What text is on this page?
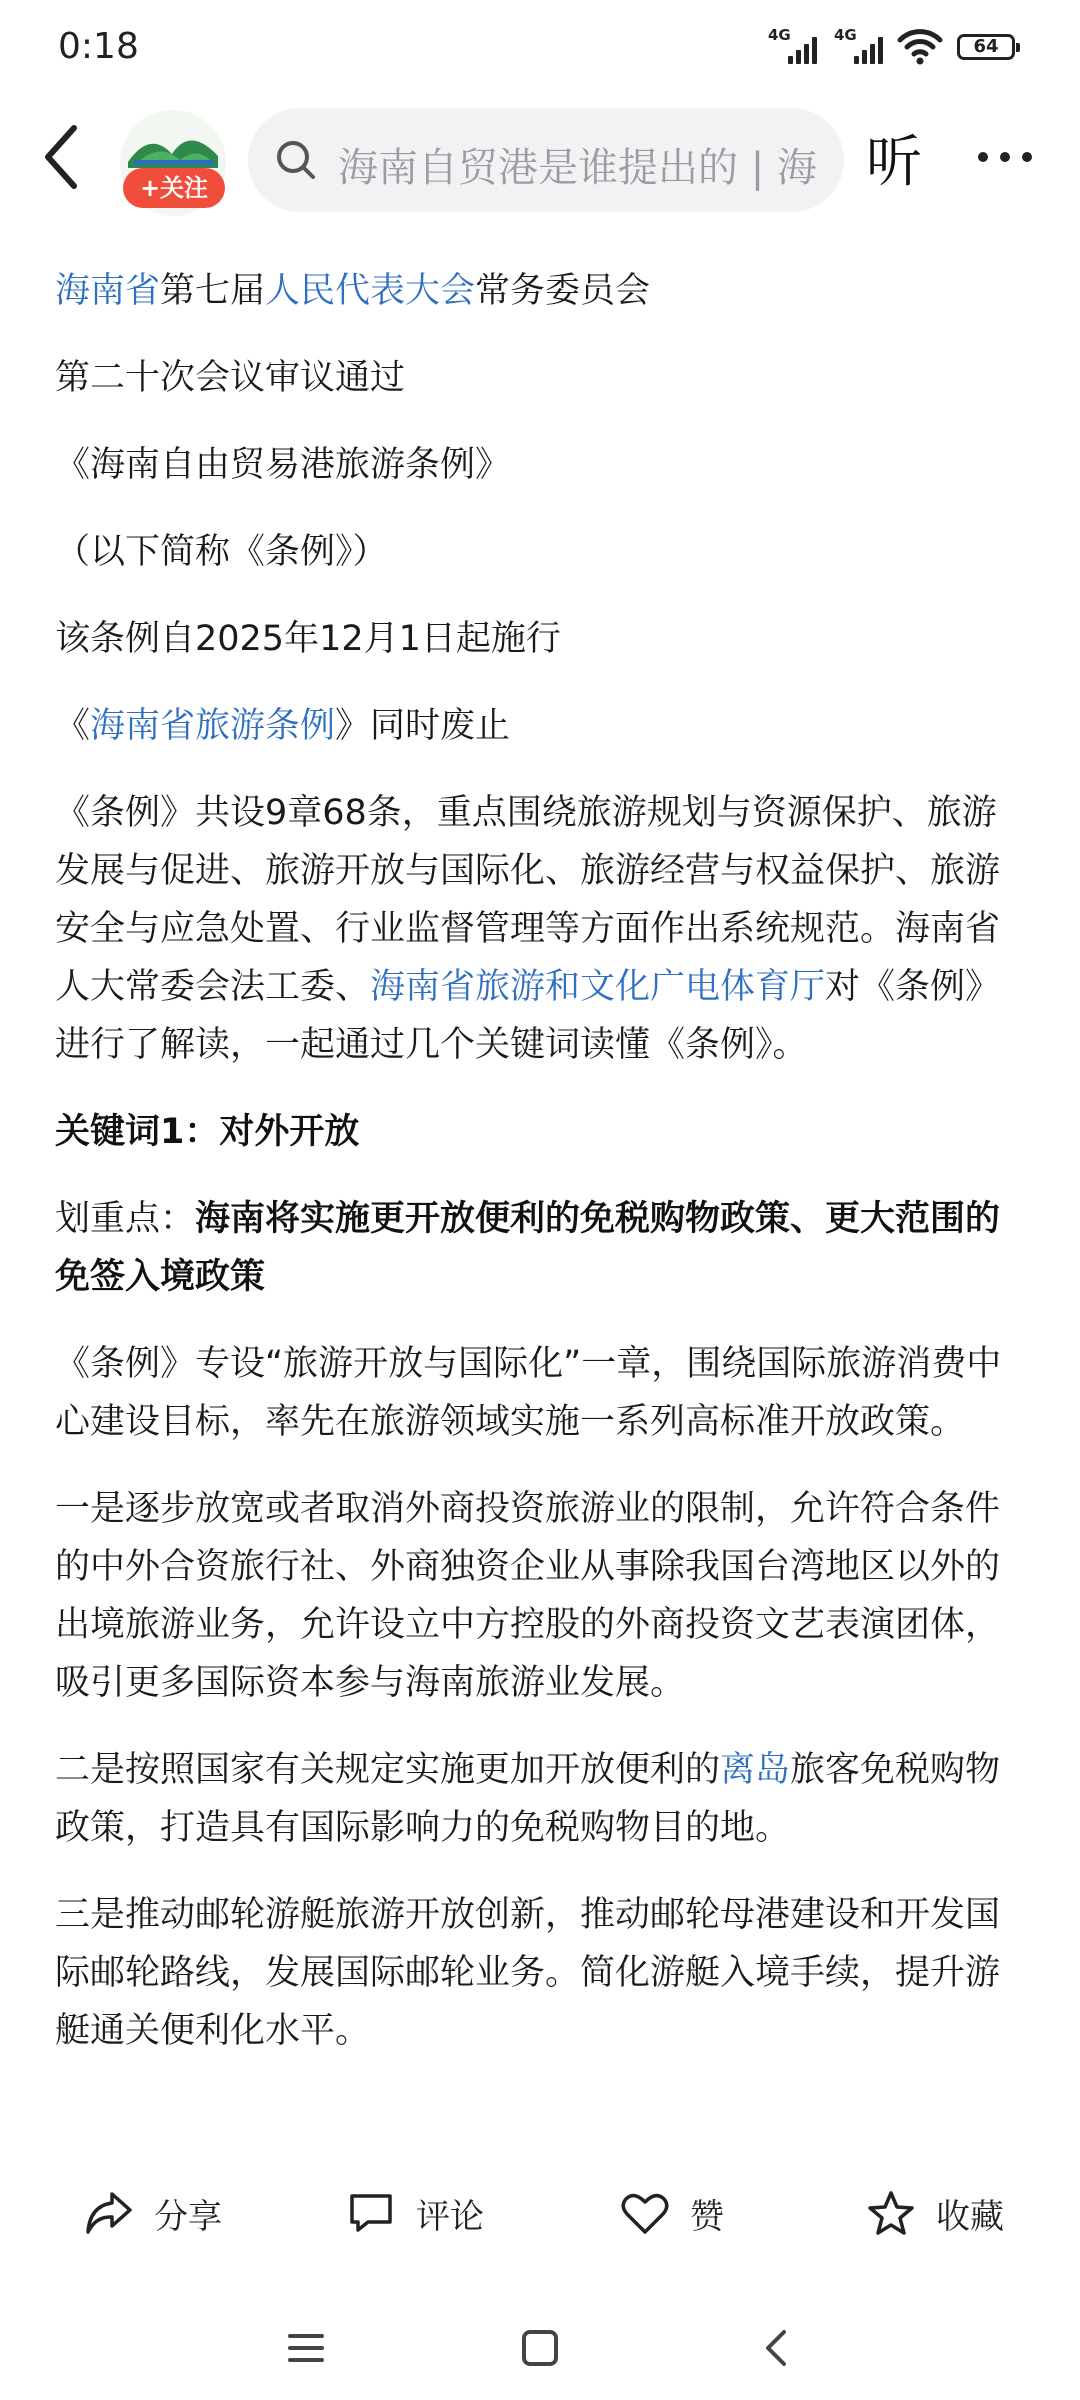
0:18	4G	4G
64
+关注	海南自贸港是谁提出的 | 海 听

海南省第七届人民代表大会常务委员会

第二十次会议审议通过

《海南自由贸易港旅游条例》

（以下简称《条例》）

该条例自2025年12月1日起施行

《海南省旅游条例》同时废止

《条例》共设9章68条，重点围绕旅游规划与资源保护、旅游发展与促进、旅游开放与国际化、旅游经营与权益保护、旅游安全与应急处置、行业监督管理等方面作出系统规范。海南省人大常委会法工委、海南省旅游和文化广电体育厅对《条例》进行了解读，一起通过几个关键词读懂《条例》。

关键词1：对外开放

划重点：海南将实施更开放便利的免税购物政策、更大范围的免签入境政策

《条例》专设“旅游开放与国际化”一章，围绕国际旅游消费中心建设目标，率先在旅游领域实施一系列高标准开放政策。

一是逐步放宽或者取消外商投资旅游业的限制，允许符合条件的中外合资旅行社、外商独资企业从事除我国台湾地区以外的出境旅游业务，允许设立中方控股的外商投资文艺表演团体，吸引更多国际资本参与海南旅游业发展。

二是按照国家有关规定实施更加开放便利的离岛旅客免税购物政策，打造具有国际影响力的免税购物目的地。

三是推动邮轮游艇旅游开放创新，推动邮轮母港建设和开发国际邮轮路线，发展国际邮轮业务。简化游艇入境手续，提升游艇通关便利化水平。

分享	评论	赞	收藏
